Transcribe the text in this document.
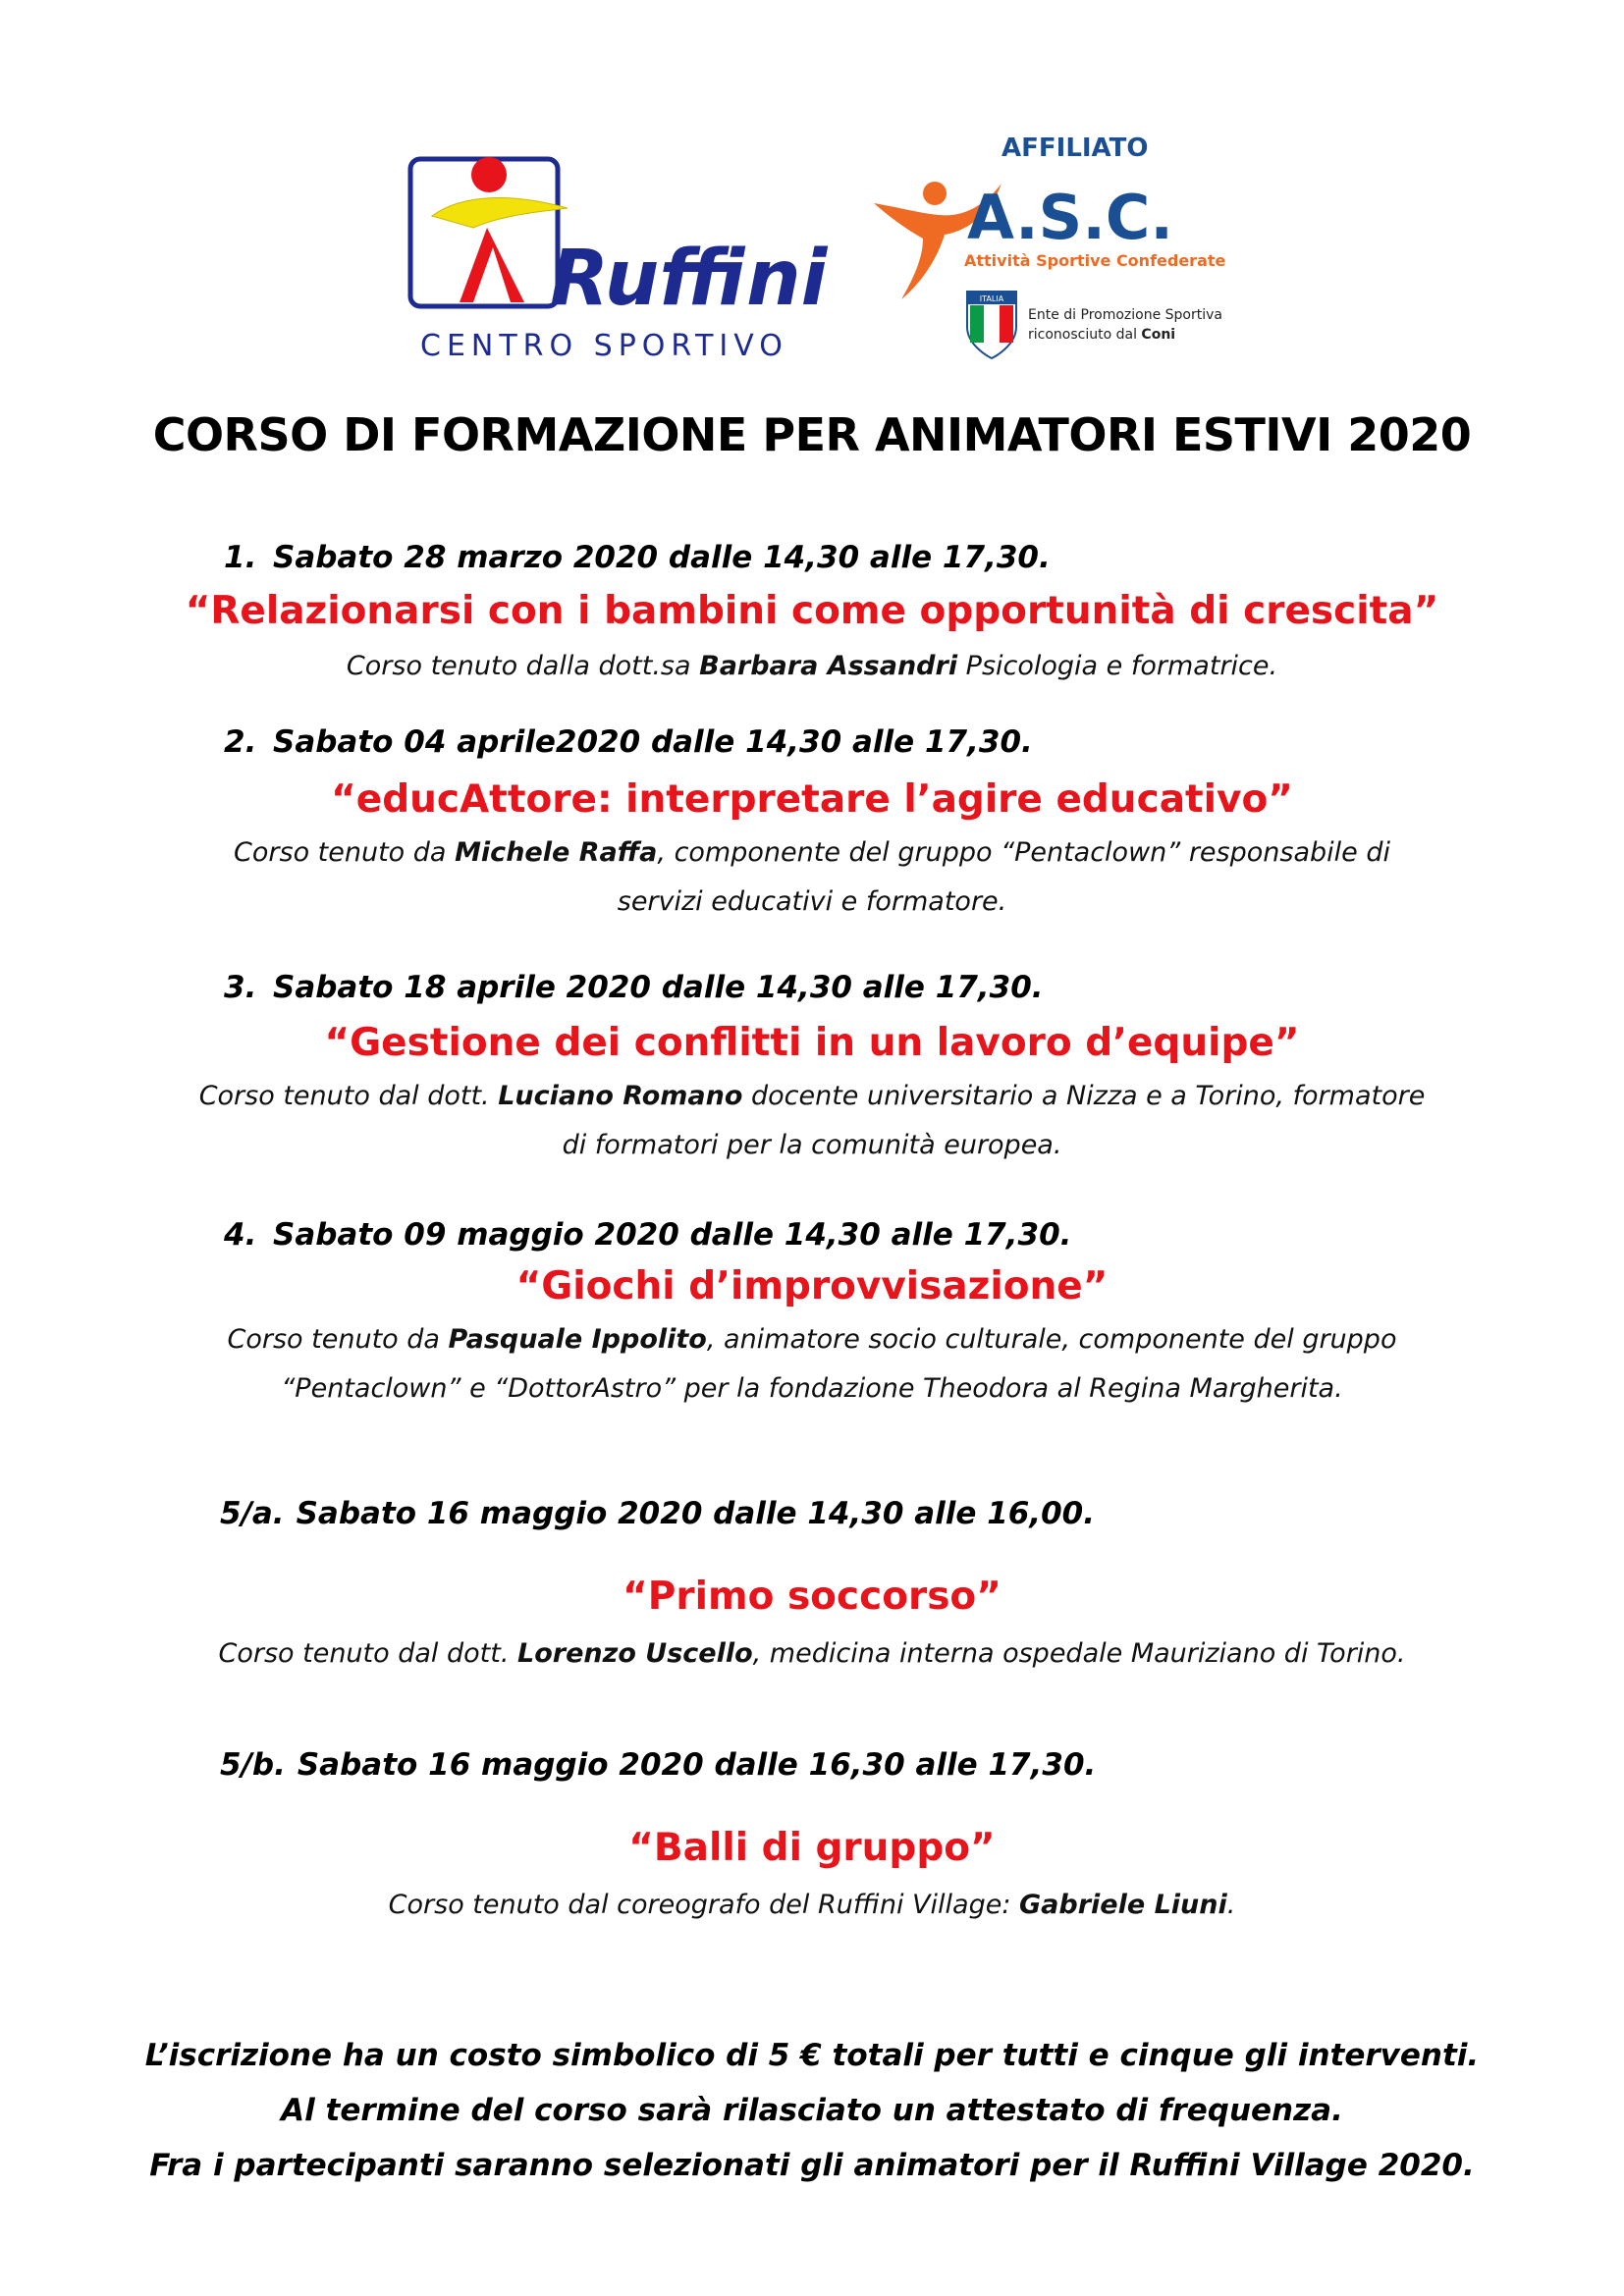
Ruffini
CENTRO SPORTIVO
AFFILIATO
A.S.C.
Attività Sportive Confederate
ITALIA
Ente di Promozione Sportiva
riconosciuto dal Coni
CORSO DI FORMAZIONE PER ANIMATORI ESTIVI 2020
1. Sabato 28 marzo 2020 dalle 14,30 alle 17,30.
“Relazionarsi con i bambini come opportunità di crescita”
Corso tenuto dalla dott.sa Barbara Assandri Psicologia e formatrice.
2. Sabato 04 aprile2020 dalle 14,30 alle 17,30.
“educAttore: interpretare l’agire educativo”
Corso tenuto da Michele Raffa, componente del gruppo “Pentaclown” responsabile di
servizi educativi e formatore.
3. Sabato 18 aprile 2020 dalle 14,30 alle 17,30.
“Gestione dei conflitti in un lavoro d’equipe”
Corso tenuto dal dott. Luciano Romano docente universitario a Nizza e a Torino, formatore
di formatori per la comunità europea.
4. Sabato 09 maggio 2020 dalle 14,30 alle 17,30.
“Giochi d’improvvisazione”
Corso tenuto da Pasquale Ippolito, animatore socio culturale, componente del gruppo
“Pentaclown” e “DottorAstro” per la fondazione Theodora al Regina Margherita.
5/a. Sabato 16 maggio 2020 dalle 14,30 alle 16,00.
“Primo soccorso”
Corso tenuto dal dott. Lorenzo Uscello, medicina interna ospedale Mauriziano di Torino.
5/b. Sabato 16 maggio 2020 dalle 16,30 alle 17,30.
“Balli di gruppo”
Corso tenuto dal coreografo del Ruffini Village: Gabriele Liuni.
L’iscrizione ha un costo simbolico di 5 € totali per tutti e cinque gli interventi.
Al termine del corso sarà rilasciato un attestato di frequenza.
Fra i partecipanti saranno selezionati gli animatori per il Ruffini Village 2020.
